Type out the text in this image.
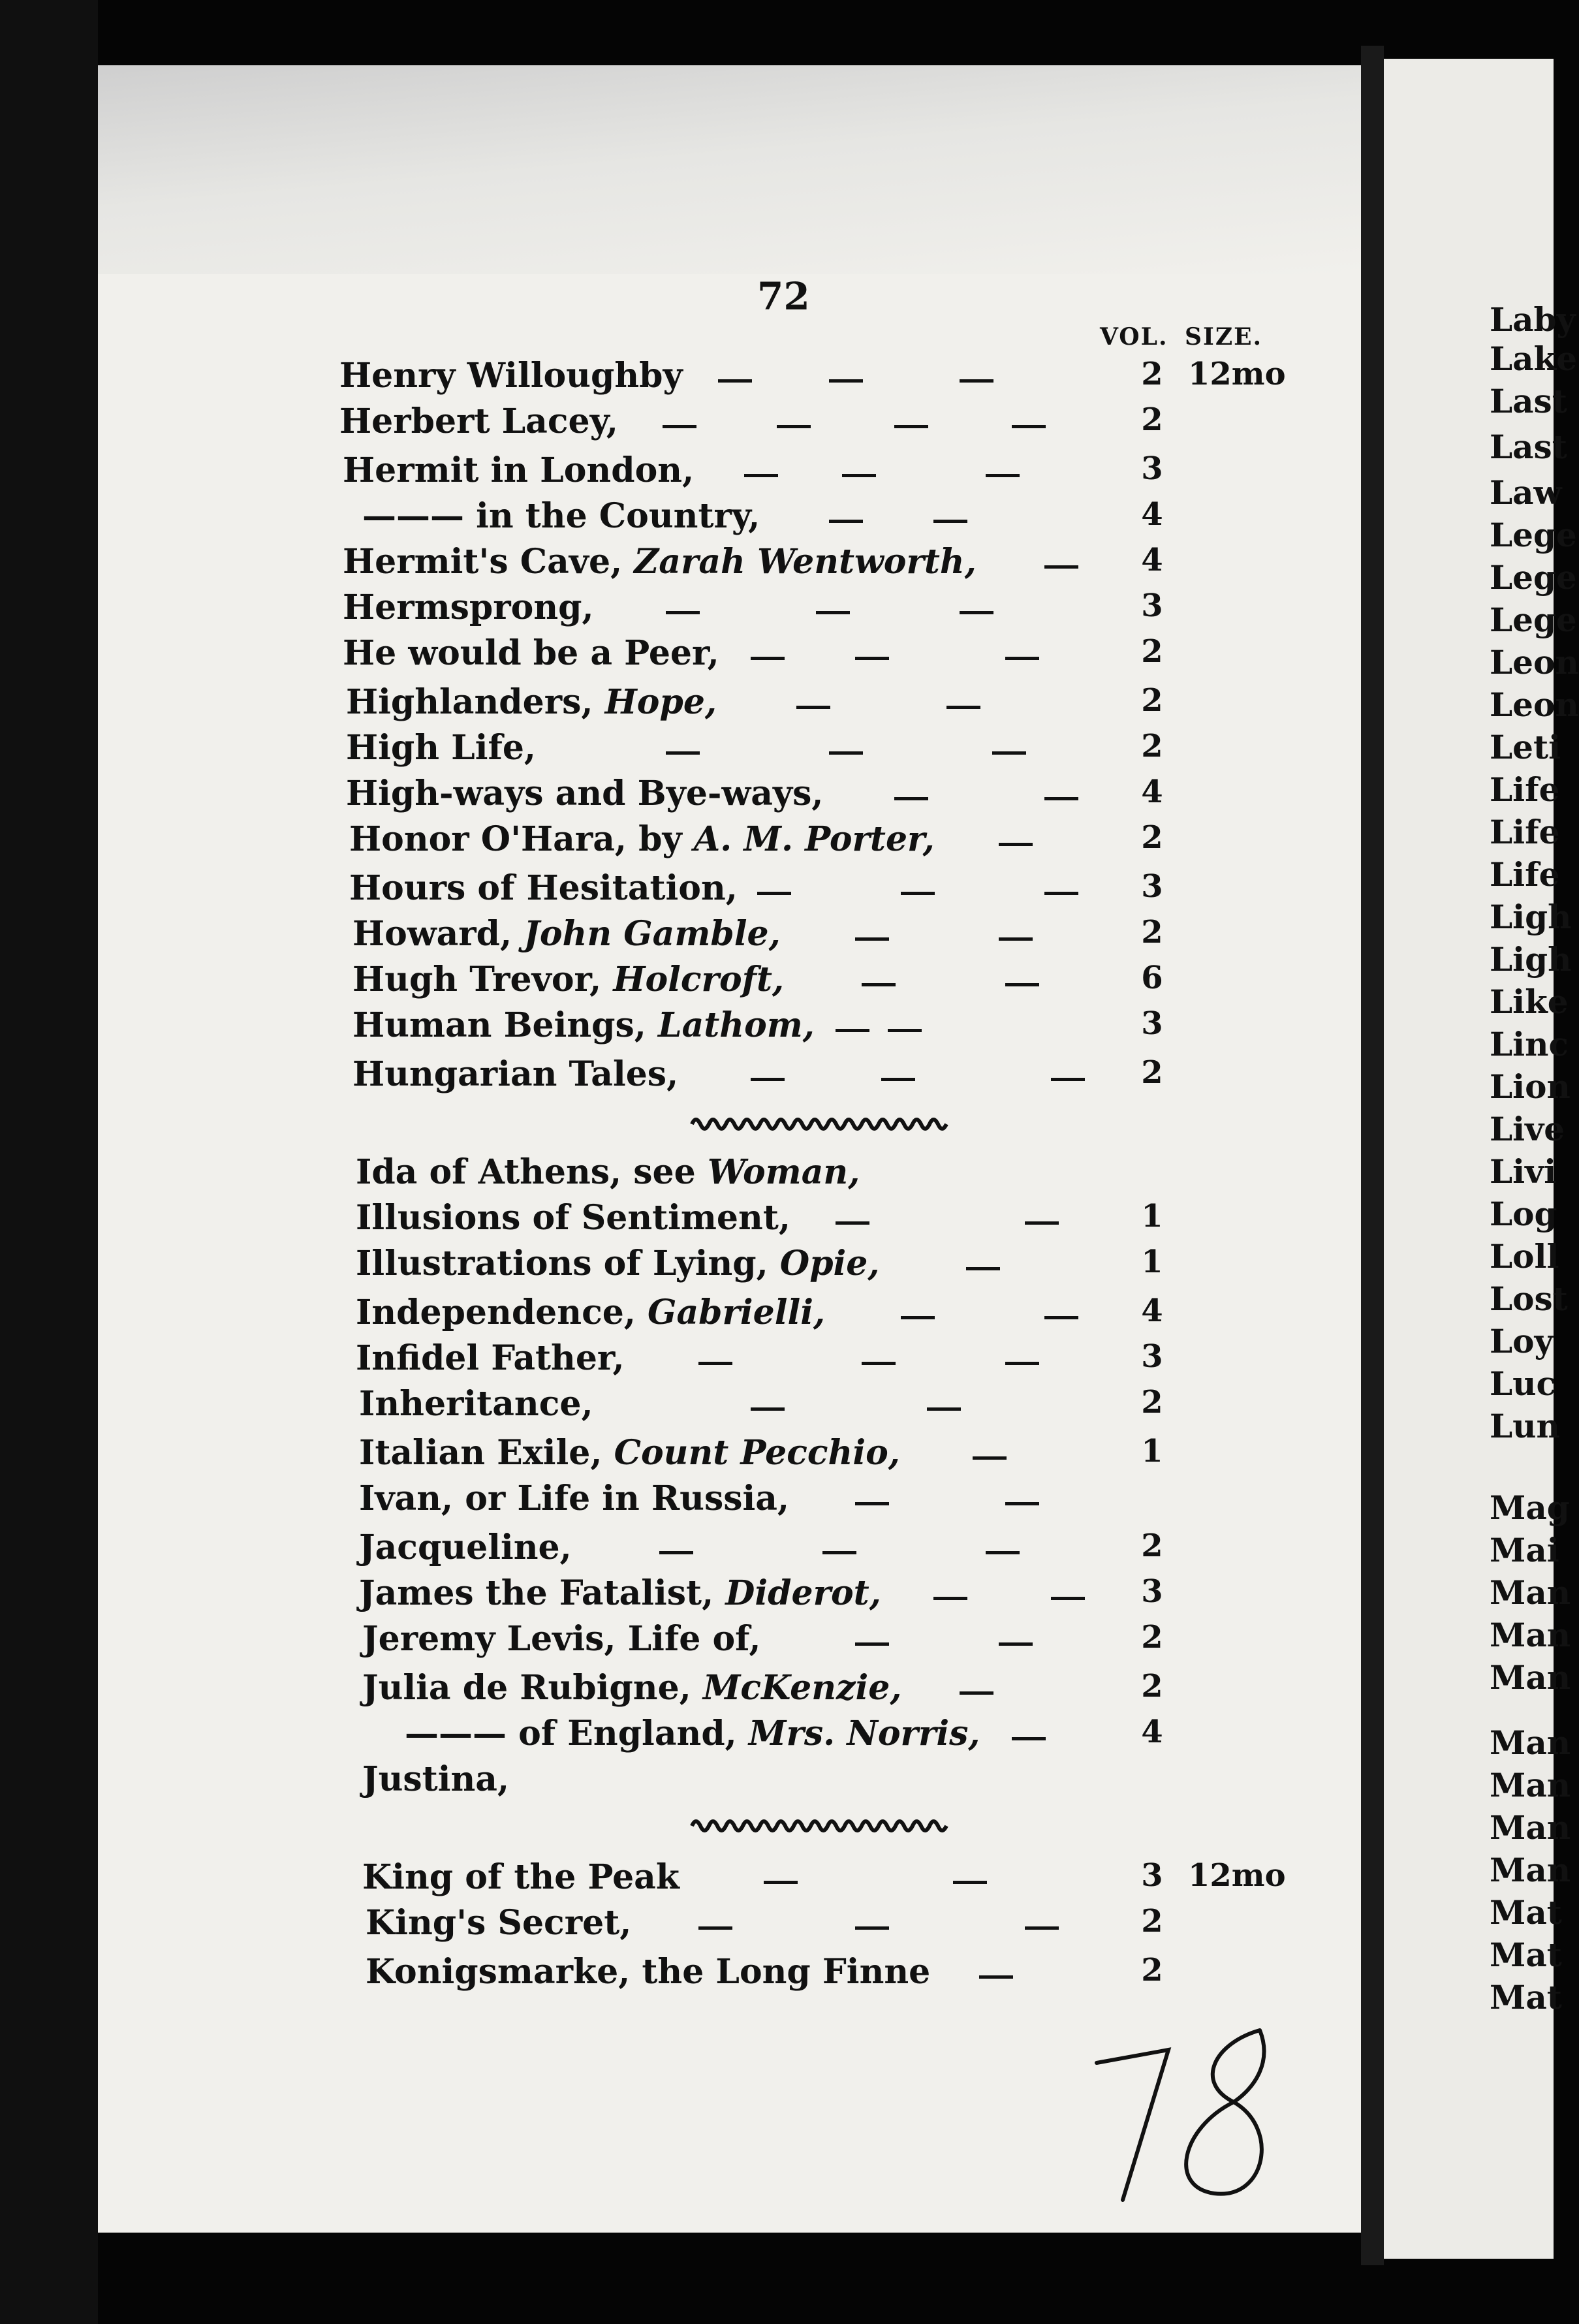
Laby
Lake
Last
Last
Law
Lege
Lege
Lege
Leon
Leon
Leti
Life
Life
Life
Ligh
Ligh
Like
Linc
Lion
Live
Livi
Log
Loll
Lost
Loy
Luc
Lun
Mag
Mai
Man
Man
Man
Man
Man
Man
Man
Mat
Mat
Mat
72
VOL. SIZE.
Henry Willoughby	2 12mo
Herbert Lacey,	2
Hermit in London,	3
——— in the Country,	4
Hermit's Cave, Zarah Wentworth,	4
Hermsprong,	3
He would be a Peer,	2
Highlanders, Hope,	2
High Life,	2
High-ways and Bye-ways,	4
Honor O'Hara, by A. M. Porter,	2
Hours of Hesitation,	3
Howard, John Gamble,	2
Hugh Trevor, Holcroft,	6
Human Beings, Lathom,	3
Hungarian Tales,	2
Ida of Athens, see Woman,
Illusions of Sentiment,	1
Illustrations of Lying, Opie,	1
Independence, Gabrielli,	4
Infidel Father,	3
Inheritance,	2
Italian Exile, Count Pecchio,	1
Ivan, or Life in Russia,
Jacqueline,	2
James the Fatalist, Diderot,	3
Jeremy Levis, Life of,	2
Julia de Rubigne, McKenzie,	2
——— of England, Mrs. Norris,	4
Justina,
King of the Peak	3 12mo
King's Secret,	2
Konigsmarke, the Long Finne	2
78
